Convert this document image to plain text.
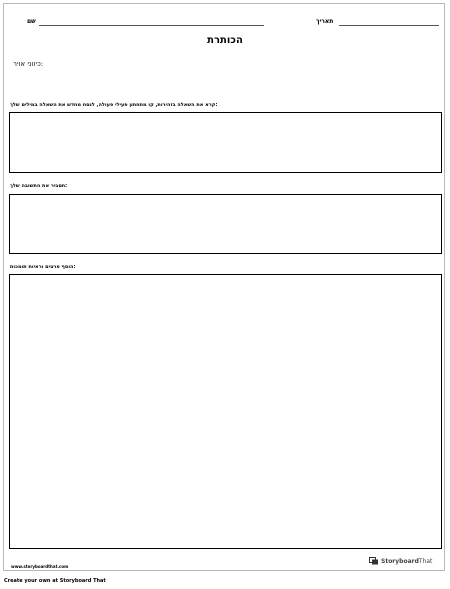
שם	תאריך
הכותרת
:כיווני אויר
:קרא את השאלה בזהירות, קו מתחתון פעילי פעולה, לנסח מחדש את השאלה במילים שלך
:תסביר את התשובה שלך
:הוסף פרטים וראיות תומכות
www.storyboardthat.com
StoryboardThat
Create your own at Storyboard That
